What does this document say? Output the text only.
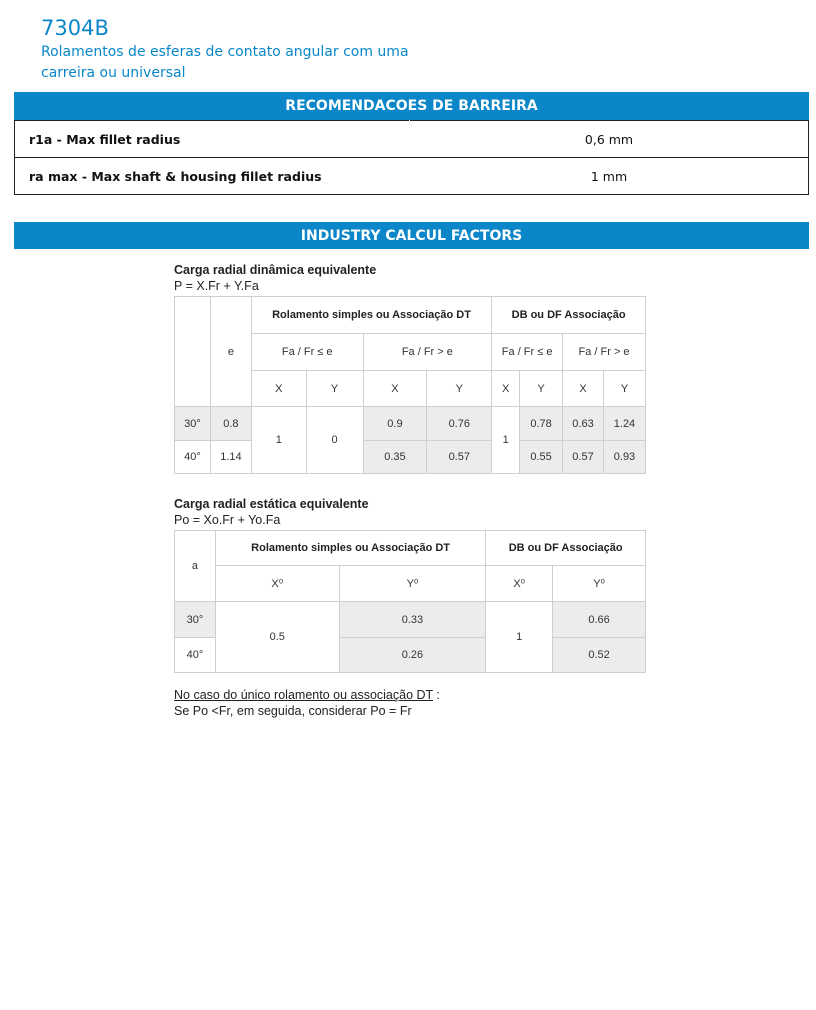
7304B
Rolamentos de esferas de contato angular com uma carreira ou universal
RECOMENDACOES DE BARREIRA
r1a - Max fillet radius	0,6 mm
ra max - Max shaft & housing fillet radius	1 mm
INDUSTRY CALCUL FACTORS
Carga radial dinâmica equivalente
P = X.Fr + Y.Fa
	e	Rolamento simples ou Associação DT				DB ou DF Associação			
		Fa / Fr ≤ e		Fa / Fr > e		Fa / Fr ≤ e		Fa / Fr > e	
		X	Y	X	Y	X	Y	X	Y
30°	0.8	1	0	0.9	0.76	1	0.78	0.63	1.24
40°	1.14			0.35	0.57		0.55	0.57	0.93
Carga radial estática equivalente
Po = Xo.Fr + Yo.Fa
a	Rolamento simples ou Associação DT		DB ou DF Associação	
	X⁰	Y⁰	X⁰	Y⁰
30°	0.5	0.33	1	0.66
40°		0.26		0.52
No caso do único rolamento ou associação DT :
Se Po <Fr, em seguida, considerar Po = Fr
